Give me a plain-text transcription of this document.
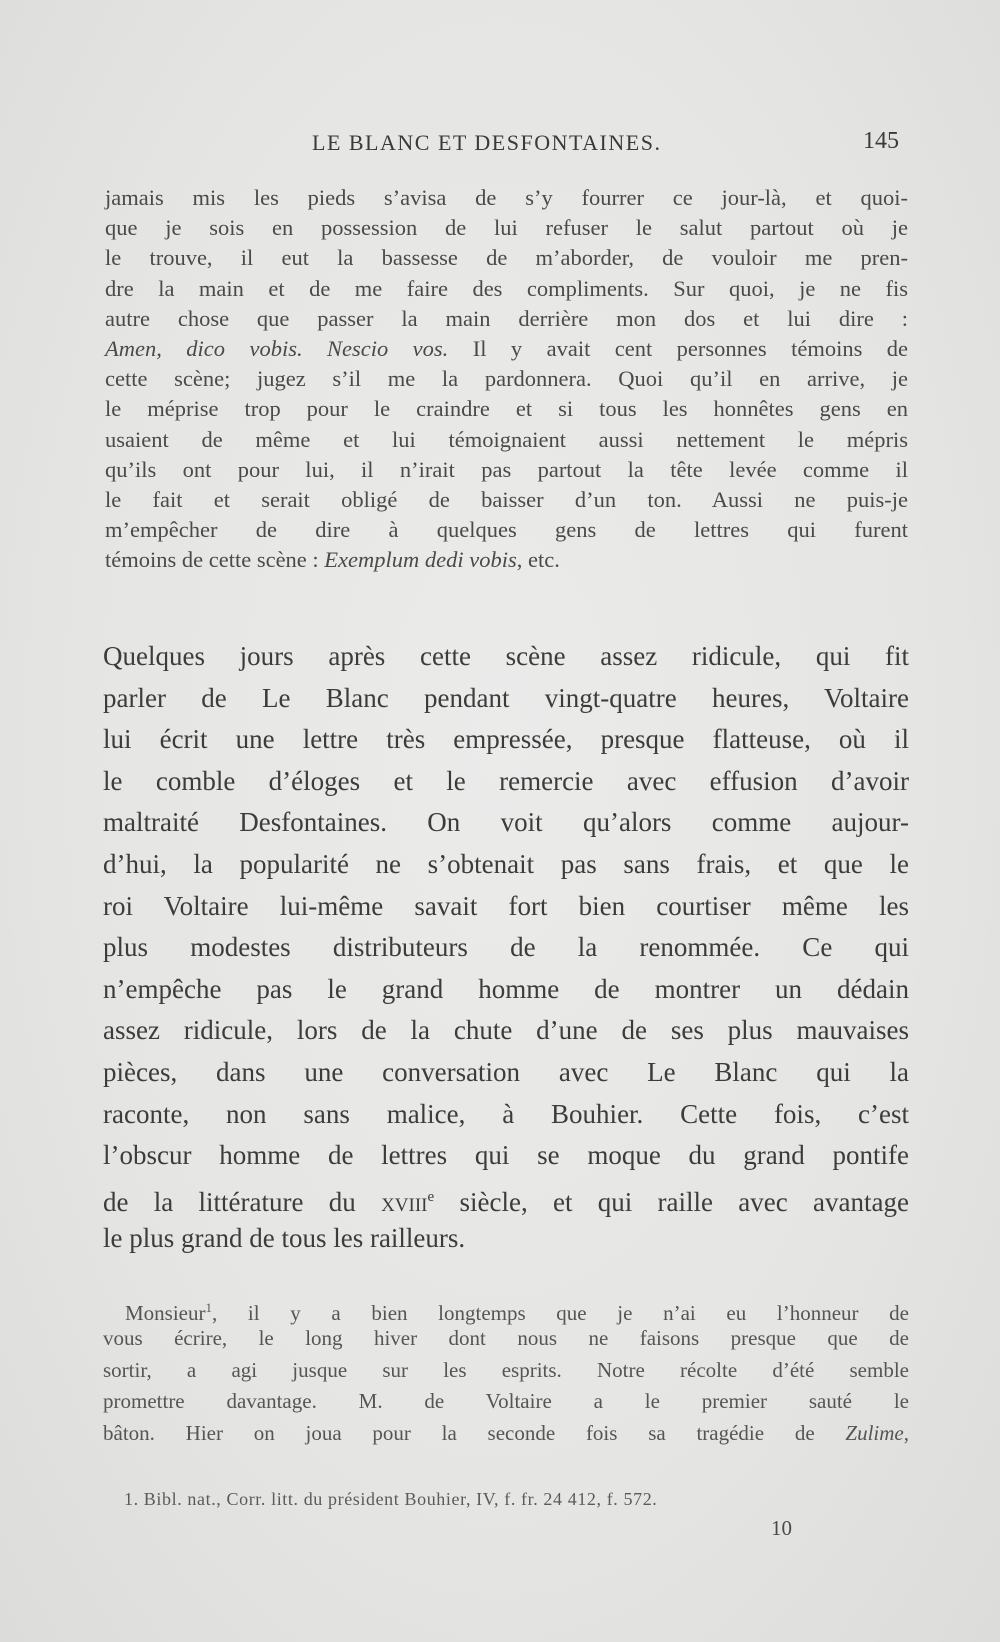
LE BLANC ET DESFONTAINES.	145
jamais mis les pieds s’avisa de s’y fourrer ce jour-là, et quoi-
que je sois en possession de lui refuser le salut partout où je
le trouve, il eut la bassesse de m’aborder, de vouloir me pren-
dre la main et de me faire des compliments. Sur quoi, je ne fis
autre chose que passer la main derrière mon dos et lui dire :
Amen, dico vobis. Nescio vos. Il y avait cent personnes témoins de
cette scène; jugez s’il me la pardonnera. Quoi qu’il en arrive, je
le méprise trop pour le craindre et si tous les honnêtes gens en
usaient de même et lui témoignaient aussi nettement le mépris
qu’ils ont pour lui, il n’irait pas partout la tête levée comme il
le fait et serait obligé de baisser d’un ton. Aussi ne puis-je
m’empêcher de dire à quelques gens de lettres qui furent
témoins de cette scène : Exemplum dedi vobis, etc.
Quelques jours après cette scène assez ridicule, qui fit
parler de Le Blanc pendant vingt-quatre heures, Voltaire
lui écrit une lettre très empressée, presque flatteuse, où il
le comble d’éloges et le remercie avec effusion d’avoir
maltraité Desfontaines. On voit qu’alors comme aujour-
d’hui, la popularité ne s’obtenait pas sans frais, et que le
roi Voltaire lui-même savait fort bien courtiser même les
plus modestes distributeurs de la renommée. Ce qui
n’empêche pas le grand homme de montrer un dédain
assez ridicule, lors de la chute d’une de ses plus mauvaises
pièces, dans une conversation avec Le Blanc qui la
raconte, non sans malice, à Bouhier. Cette fois, c’est
l’obscur homme de lettres qui se moque du grand pontife
de la littérature du xviii$^e$ siècle, et qui raille avec avantage
le plus grand de tous les railleurs.
Monsieur$^1$, il y a bien longtemps que je n’ai eu l’honneur de
vous écrire, le long hiver dont nous ne faisons presque que de
sortir, a agi jusque sur les esprits. Notre récolte d’été semble
promettre davantage. M. de Voltaire a le premier sauté le
bâton. Hier on joua pour la seconde fois sa tragédie de Zulime,
1. Bibl. nat., Corr. litt. du président Bouhier, IV, f. fr. 24 412, f. 572.
10
